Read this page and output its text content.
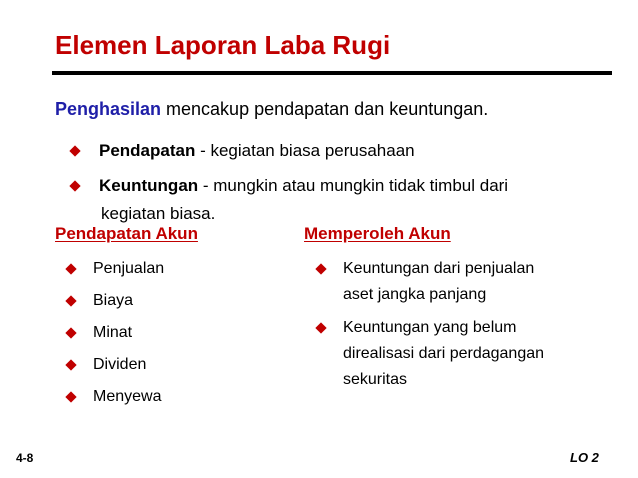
Elemen Laporan Laba Rugi
Penghasilan mencakup pendapatan dan keuntungan.
Pendapatan - kegiatan biasa perusahaan
Keuntungan - mungkin atau mungkin tidak timbul dari
kegiatan biasa.
Pendapatan Akun
Penjualan
Biaya
Minat
Dividen
Menyewa
Memperoleh Akun
Keuntungan dari penjualan
aset jangka panjang
Keuntungan yang belum
direalisasi dari perdagangan
sekuritas
4-8	LO 2
